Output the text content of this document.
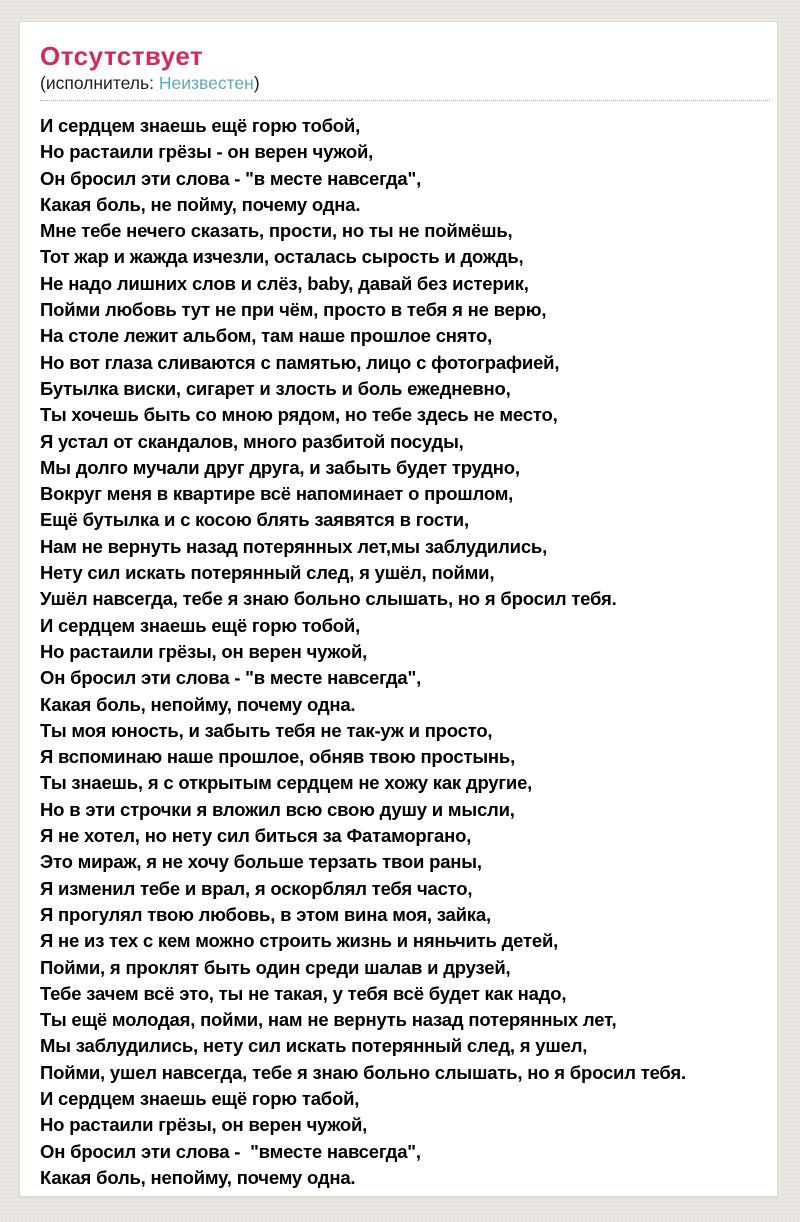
Отсутствует
(исполнитель: Неизвестен)
И сердцем знаешь ещё горю тобой,
Но растаили грёзы - он верен чужой,
Он бросил эти слова - "в месте навсегда",
Какая боль, не пойму, почему одна.
Мне тебе нечего сказать, прости, но ты не поймёшь,
Тот жар и жажда изчезли, осталась сырость и дождь,
Не надо лишних слов и слёз, baby, давай без истерик,
Пойми любовь тут не при чём, просто в тебя я не верю,
На столе лежит альбом, там наше прошлое снято,
Но вот глаза сливаются с памятью, лицо с фотографией,
Бутылка виски, сигарет и злость и боль ежедневно,
Ты хочешь быть со мною рядом, но тебе здесь не место,
Я устал от скандалов, много разбитой посуды,
Мы долго мучали друг друга, и забыть будет трудно,
Вокруг меня в квартире всё напоминает о прошлом,
Ещё бутылка и с косою блять заявятся в гости,
Нам не вернуть назад потерянных лет,мы заблудились,
Нету сил искать потерянный след, я ушёл, пойми,
Ушёл навсегда, тебе я знаю больно слышать, но я бросил тебя.
И сердцем знаешь ещё горю тобой,
Но растаили грёзы, он верен чужой,
Он бросил эти слова - "в месте навсегда",
Какая боль, непойму, почему одна.
Ты моя юность, и забыть тебя не так-уж и просто,
Я вспоминаю наше прошлое, обняв твою простынь,
Ты знаешь, я с открытым сердцем не хожу как другие,
Но в эти строчки я вложил всю свою душу и мысли,
Я не хотел, но нету сил биться за Фатаморгано,
Это мираж, я не хочу больше терзать твои раны,
Я изменил тебе и врал, я оскорблял тебя часто,
Я прогулял твою любовь, в этом вина моя, зайка,
Я не из тех с кем можно строить жизнь и няньчить детей,
Пойми, я проклят быть один среди шалав и друзей,
Тебе зачем всё это, ты не такая, у тебя всё будет как надо,
Ты ещё молодая, пойми, нам не вернуть назад потерянных лет,
Мы заблудились, нету сил искать потерянный след, я ушел,
Пойми, ушел навсегда, тебе я знаю больно слышать, но я бросил тебя.
И сердцем знаешь ещё горю табой,
Но растаили грёзы, он верен чужой,
Он бросил эти слова -  "вместе навсегда",
Какая боль, непойму, почему одна.
